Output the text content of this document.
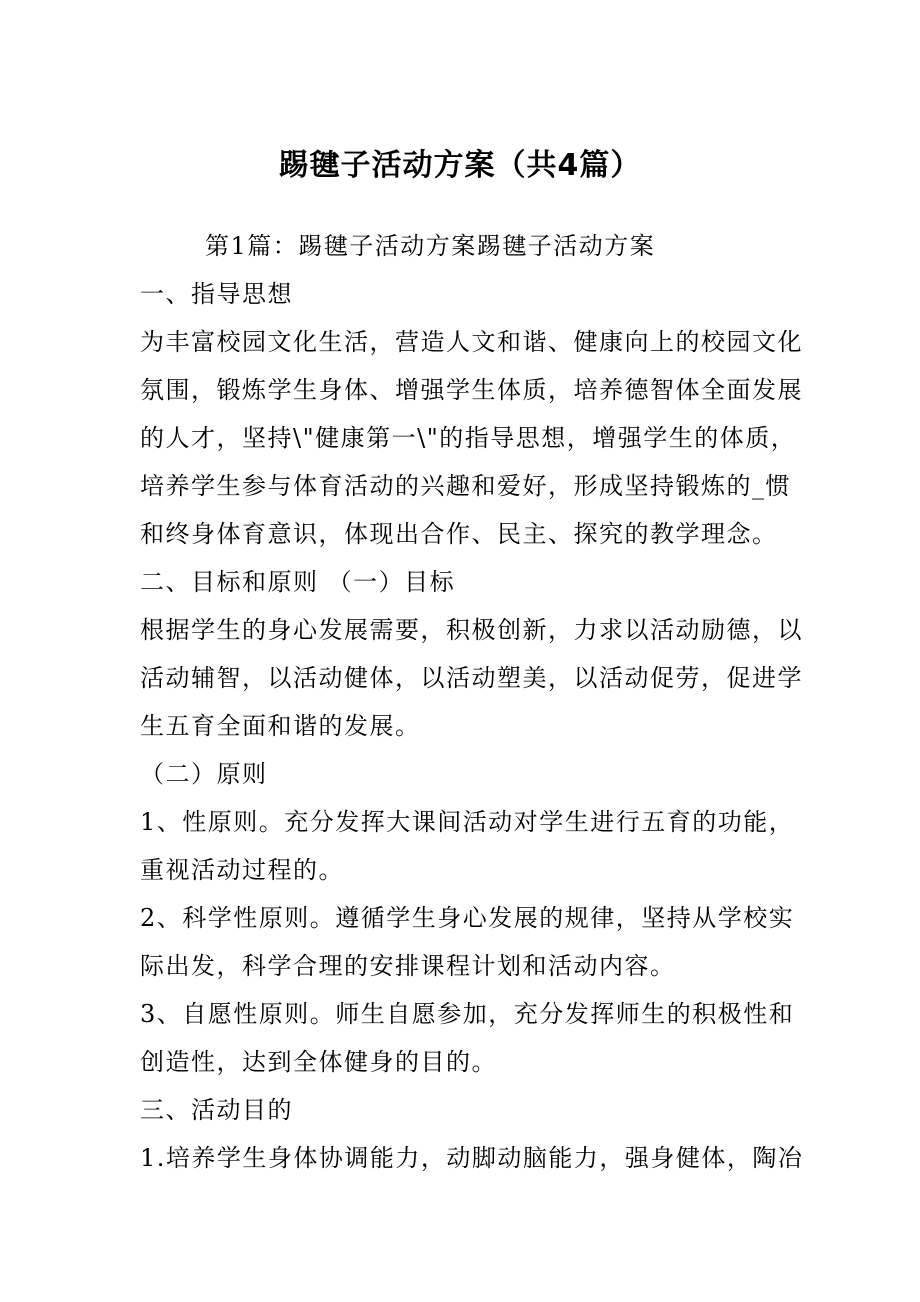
踢毽子活动方案（共4篇）
第1篇：踢毽子活动方案踢毽子活动方案
一、指导思想
为丰富校园文化生活，营造人文和谐、健康向上的校园文化
氛围，锻炼学生身体、增强学生体质，培养德智体全面发展
的人才，坚持\"健康第一\"的指导思想，增强学生的体质，
培养学生参与体育活动的兴趣和爱好，形成坚持锻炼的_惯
和终身体育意识，体现出合作、民主、探究的教学理念。
二、目标和原则 （一）目标
根据学生的身心发展需要，积极创新，力求以活动励德，以
活动辅智，以活动健体，以活动塑美，以活动促劳，促进学
生五育全面和谐的发展。
（二）原则
1、性原则。充分发挥大课间活动对学生进行五育的功能，
重视活动过程的。
2、科学性原则。遵循学生身心发展的规律，坚持从学校实
际出发，科学合理的安排课程计划和活动内容。
3、自愿性原则。师生自愿参加，充分发挥师生的积极性和
创造性，达到全体健身的目的。
三、活动目的
1.培养学生身体协调能力，动脚动脑能力，强身健体，陶冶
